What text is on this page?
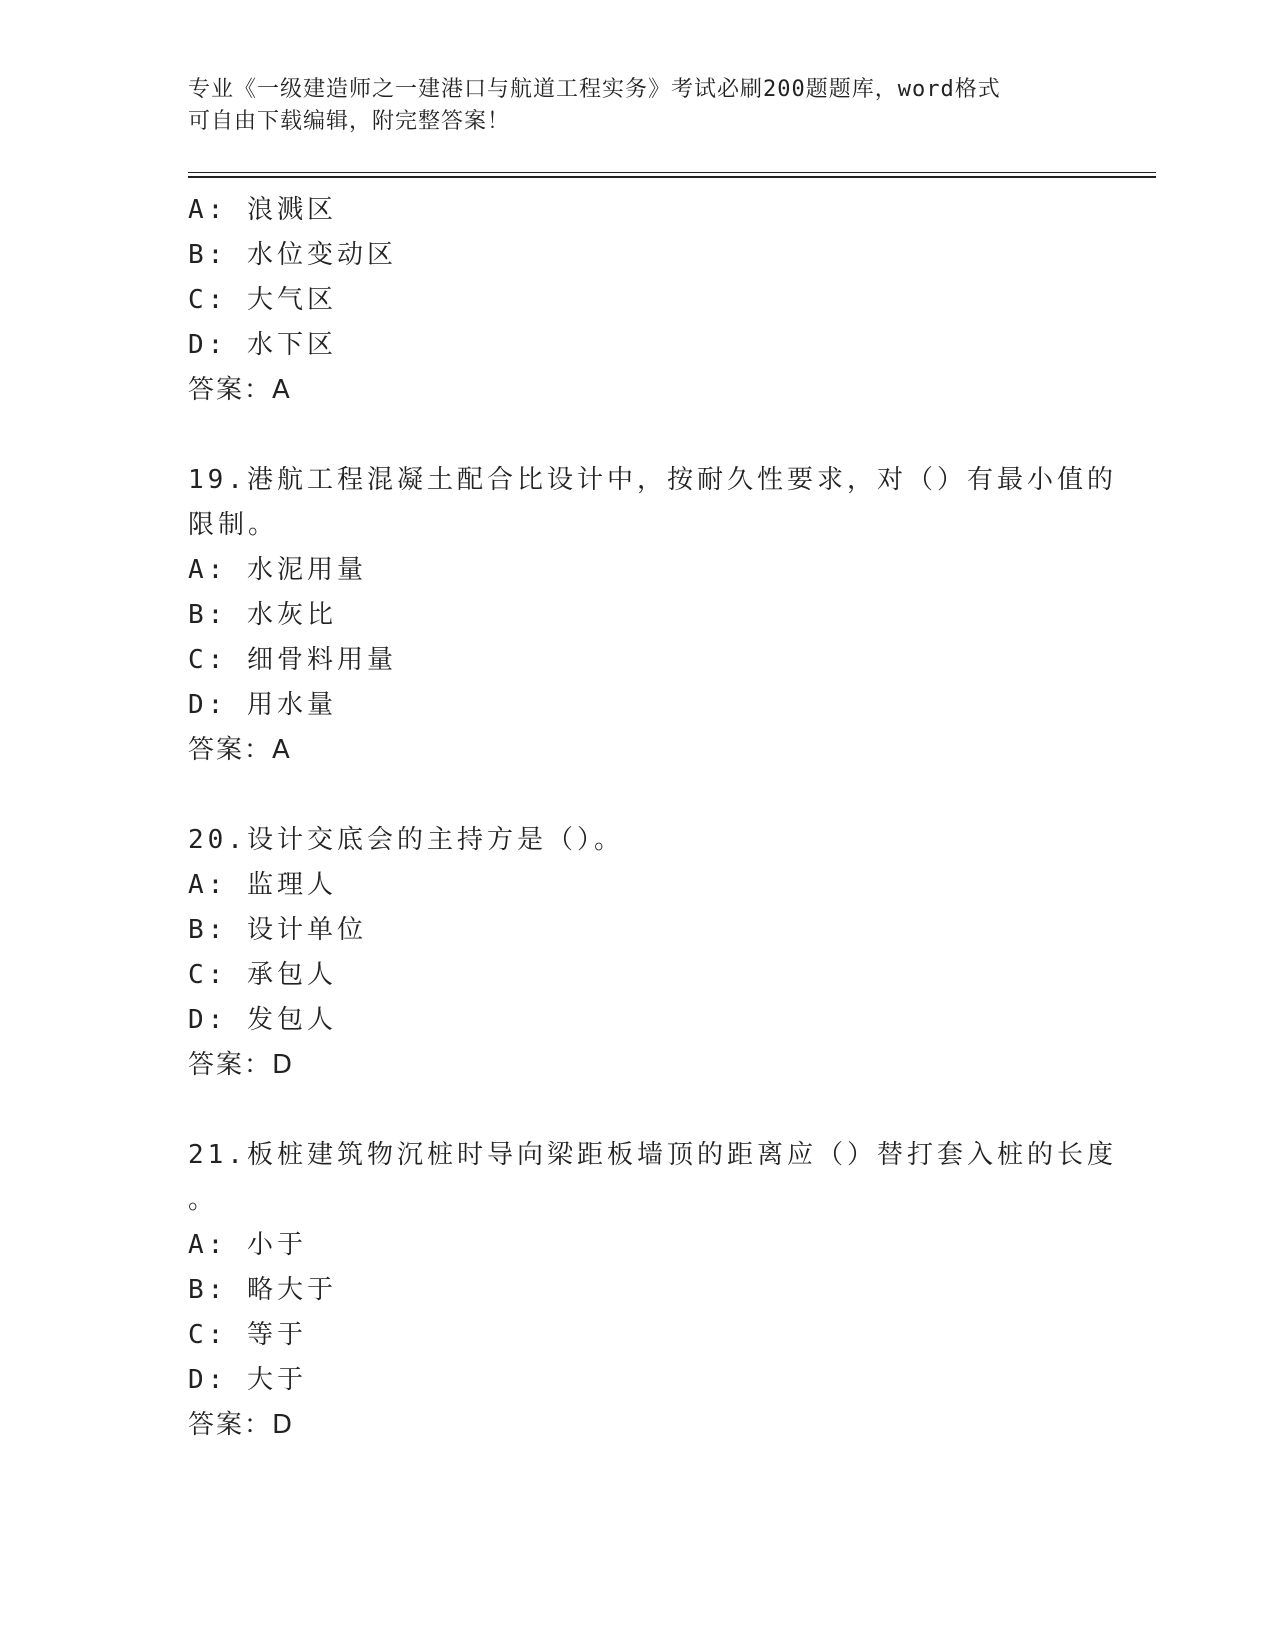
专业《一级建造师之一建港口与航道工程实务》考试必刷200题题库，word格式
可自由下载编辑，附完整答案！
A: 浪溅区
B: 水位变动区
C: 大气区
D: 水下区
答案：A
19.港航工程混凝土配合比设计中，按耐久性要求，对（）有最小值的
限制。
A: 水泥用量
B: 水灰比
C: 细骨料用量
D: 用水量
答案：A
20.设计交底会的主持方是（）。
A: 监理人
B: 设计单位
C: 承包人
D: 发包人
答案：D
21.板桩建筑物沉桩时导向梁距板墙顶的距离应（）替打套入桩的长度
。
A: 小于
B: 略大于
C: 等于
D: 大于
答案：D
